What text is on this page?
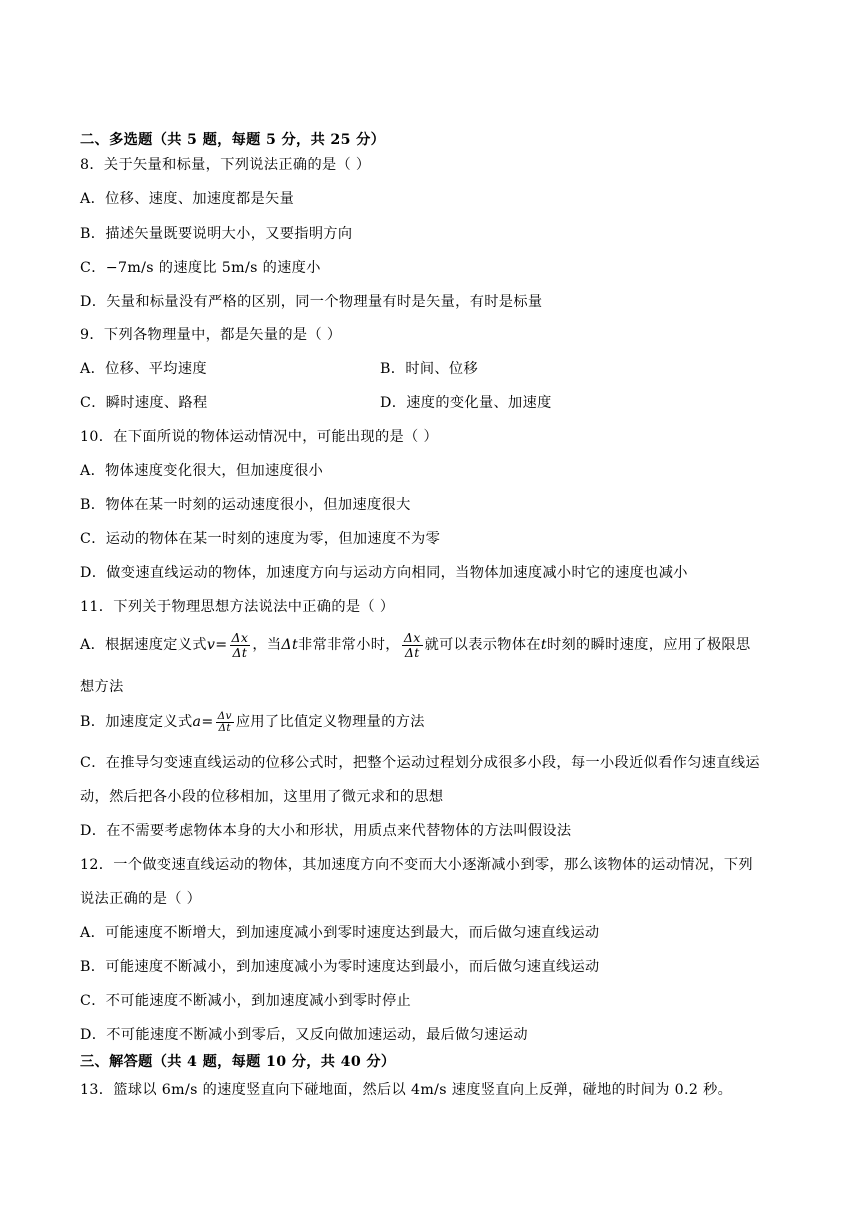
二、多选题（共 5 题，每题 5 分，共 25 分）
8．关于矢量和标量，下列说法正确的是（ ）
A．位移、速度、加速度都是矢量
B．描述矢量既要说明大小，又要指明方向
C．−7m/s 的速度比 5m/s 的速度小
D．矢量和标量没有严格的区别，同一个物理量有时是矢量，有时是标量
9．下列各物理量中，都是矢量的是（ ）
A．位移、平均速度	B．时间、位移
C．瞬时速度、路程	D．速度的变化量、加速度
10．在下面所说的物体运动情况中，可能出现的是（ ）
A．物体速度变化很大，但加速度很小
B．物体在某一时刻的运动速度很小，但加速度很大
C．运动的物体在某一时刻的速度为零，但加速度不为零
D．做变速直线运动的物体，加速度方向与运动方向相同，当物体加速度减小时它的速度也减小
11．下列关于物理思想方法说法中正确的是（ ）
A．根据速度定义式$v= \frac{\Delta x}{\Delta t}$ ，当Δt非常非常小时， $\frac{\Delta x}{\Delta t}$ 就可以表示物体在t时刻的瞬时速度，应用了极限思
想方法
B．加速度定义式$a= \frac{\Delta v}{\Delta t}$ 应用了比值定义物理量的方法
C．在推导匀变速直线运动的位移公式时，把整个运动过程划分成很多小段，每一小段近似看作匀速直线运
动，然后把各小段的位移相加，这里用了微元求和的思想
D．在不需要考虑物体本身的大小和形状，用质点来代替物体的方法叫假设法
12．一个做变速直线运动的物体，其加速度方向不变而大小逐渐减小到零，那么该物体的运动情况，下列
说法正确的是（ ）
A．可能速度不断增大，到加速度减小到零时速度达到最大，而后做匀速直线运动
B．可能速度不断减小，到加速度减小为零时速度达到最小，而后做匀速直线运动
C．不可能速度不断减小，到加速度减小到零时停止
D．不可能速度不断减小到零后，又反向做加速运动，最后做匀速运动
三、解答题（共 4 题，每题 10 分，共 40 分）
13．篮球以 6m/s 的速度竖直向下碰地面，然后以 4m/s 速度竖直向上反弹，碰地的时间为 0.2 秒。
